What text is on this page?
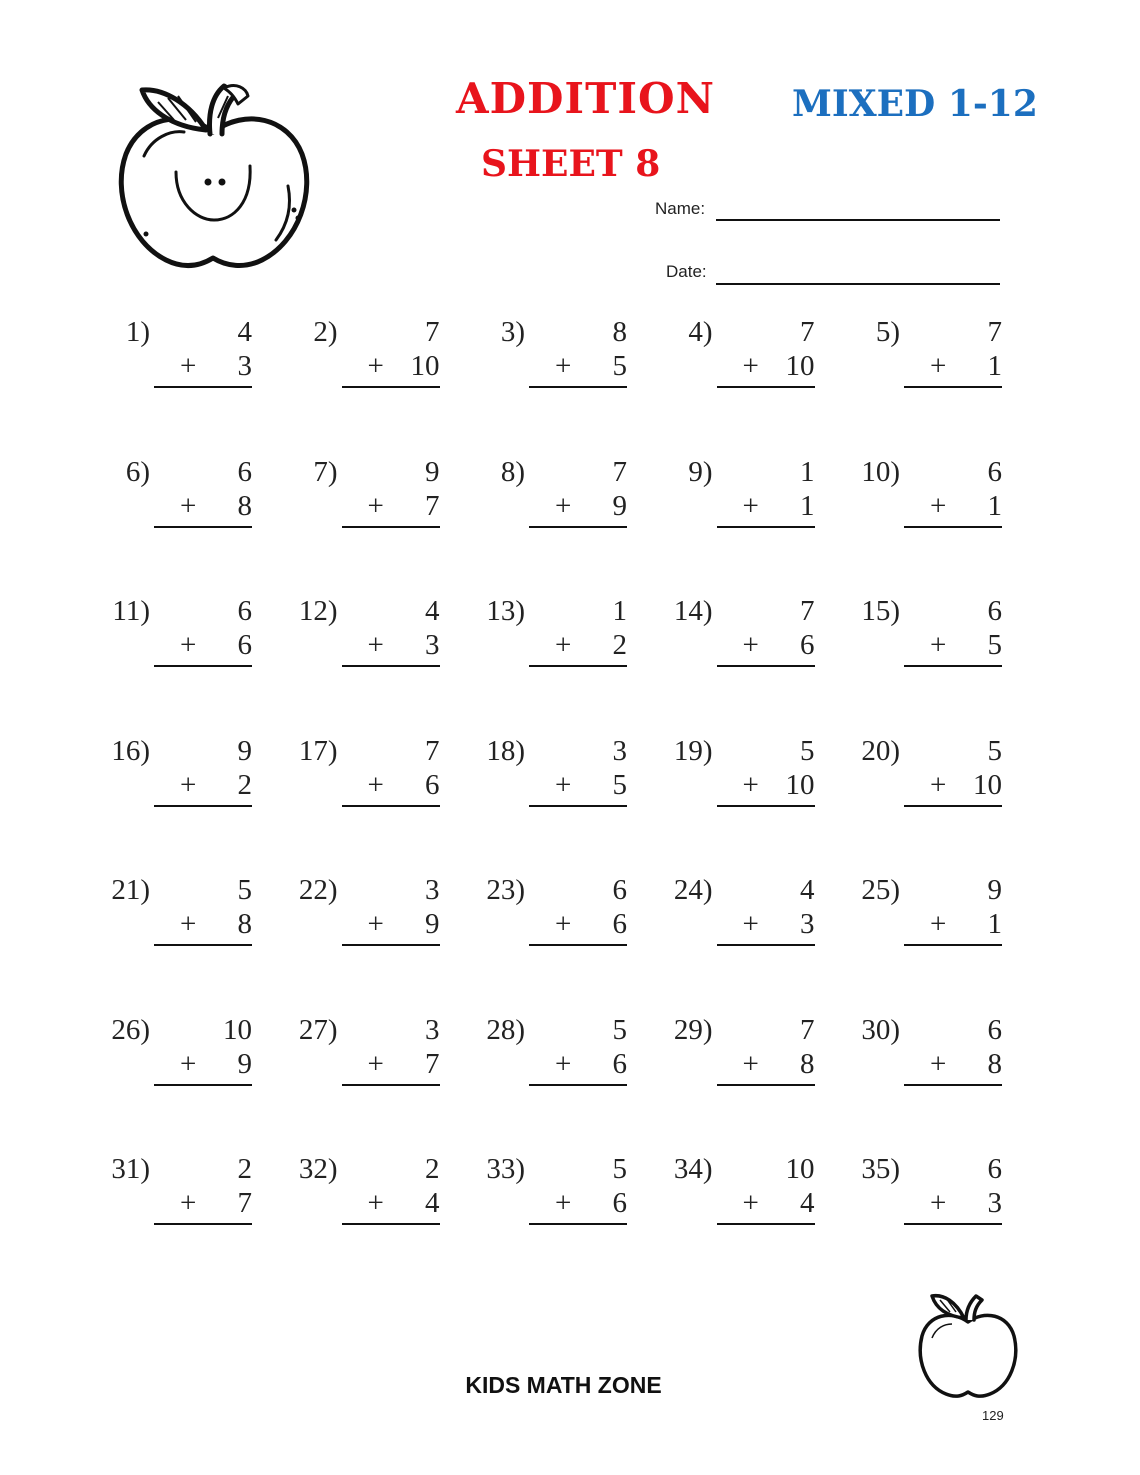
ADDITION
SHEET 8
MIXED 1-12
Name:
Date:
1)	4
+ 3
2)	7
+ 10
3)	8
+ 5
4)	7
+ 10
5)	7
+ 1
6)	6
+ 8
7)	9
+ 7
8)	7
+ 9
9)	1
+ 1
10)	6
+ 1
11)	6
+ 6
12)	4
+ 3
13)	1
+ 2
14)	7
+ 6
15)	6
+ 5
16)	9
+ 2
17)	7
+ 6
18)	3
+ 5
19)	5
+ 10
20)	5
+ 10
21)	5
+ 8
22)	3
+ 9
23)	6
+ 6
24)	4
+ 3
25)	9
+ 1
26)	10
+ 9
27)	3
+ 7
28)	5
+ 6
29)	7
+ 8
30)	6
+ 8
31)	2
+ 7
32)	2
+ 4
33)	5
+ 6
34)	10
+ 4
35)	6
+ 3
KIDS MATH ZONE
129
